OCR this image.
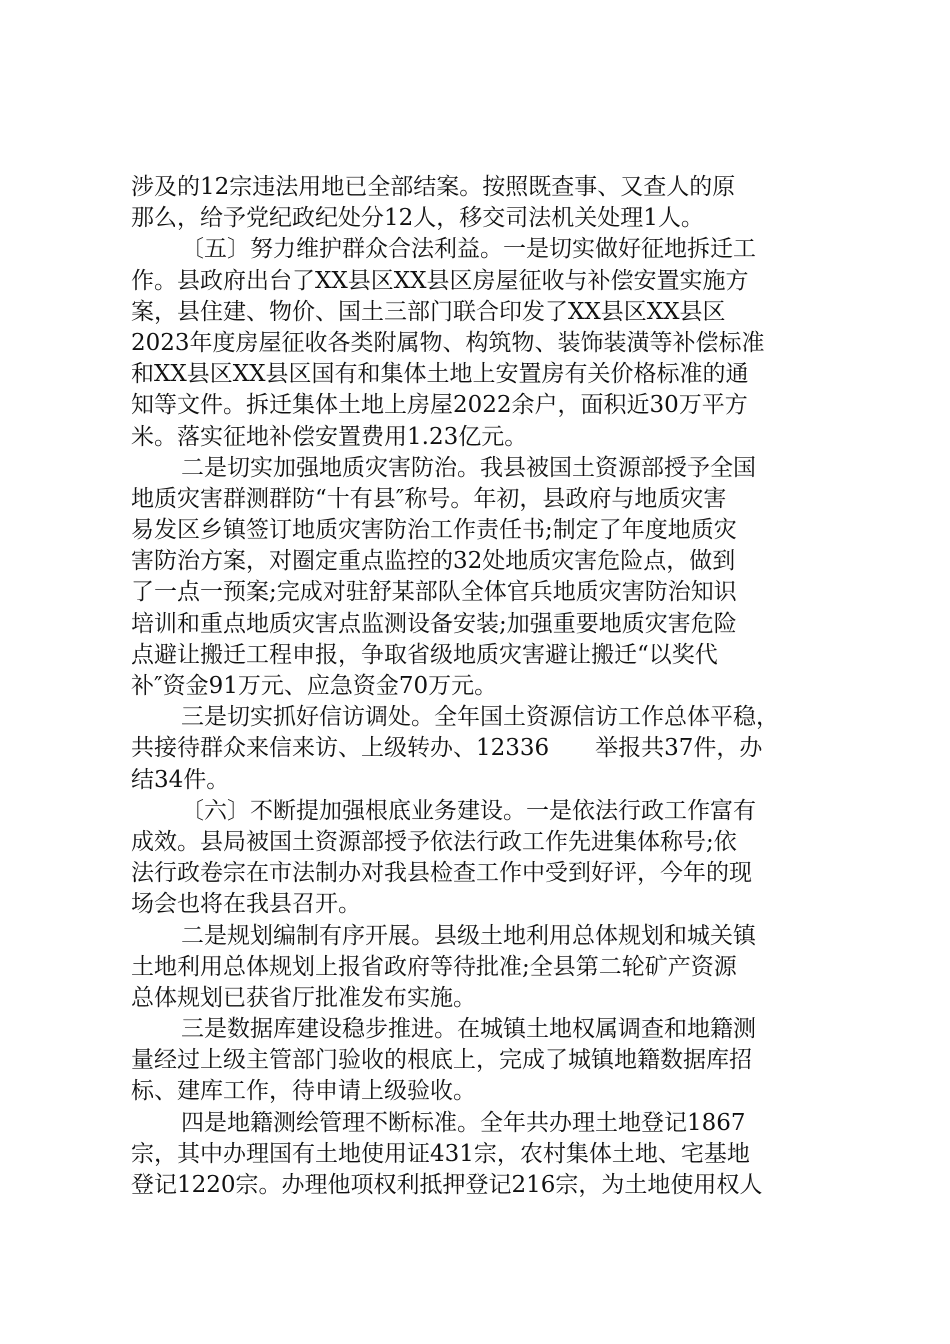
涉及的12宗违法用地已全部结案。按照既查事、又查人的原
那么，给予党纪政纪处分12人，移交司法机关处理1人。
〔五〕努力维护群众合法利益。一是切实做好征地拆迁工
作。县政府出台了XX县区XX县区房屋征收与补偿安置实施方
案，县住建、物价、国土三部门联合印发了XX县区XX县区
2023年度房屋征收各类附属物、构筑物、装饰装潢等补偿标准
和XX县区XX县区国有和集体土地上安置房有关价格标准的通
知等文件。拆迁集体土地上房屋2022余户，面积近30万平方
米。落实征地补偿安置费用1.23亿元。
二是切实加强地质灾害防治。我县被国土资源部授予全国
地质灾害群测群防“十有县″称号。年初，县政府与地质灾害
易发区乡镇签订地质灾害防治工作责任书;制定了年度地质灾
害防治方案，对圈定重点监控的32处地质灾害危险点，做到
了一点一预案;完成对驻舒某部队全体官兵地质灾害防治知识
培训和重点地质灾害点监测设备安装;加强重要地质灾害危险
点避让搬迁工程申报，争取省级地质灾害避让搬迁“以奖代
补″资金91万元、应急资金70万元。
三是切实抓好信访调处。全年国土资源信访工作总体平稳，
共接待群众来信来访、上级转办、12336　　举报共37件，办
结34件。
〔六〕不断提加强根底业务建设。一是依法行政工作富有
成效。县局被国土资源部授予依法行政工作先进集体称号;依
法行政卷宗在市法制办对我县检查工作中受到好评，今年的现
场会也将在我县召开。
二是规划编制有序开展。县级土地利用总体规划和城关镇
土地利用总体规划上报省政府等待批准;全县第二轮矿产资源
总体规划已获省厅批准发布实施。
三是数据库建设稳步推进。在城镇土地权属调查和地籍测
量经过上级主管部门验收的根底上，完成了城镇地籍数据库招
标、建库工作，待申请上级验收。
四是地籍测绘管理不断标准。全年共办理土地登记1867
宗，其中办理国有土地使用证431宗，农村集体土地、宅基地
登记1220宗。办理他项权利抵押登记216宗，为土地使用权人
